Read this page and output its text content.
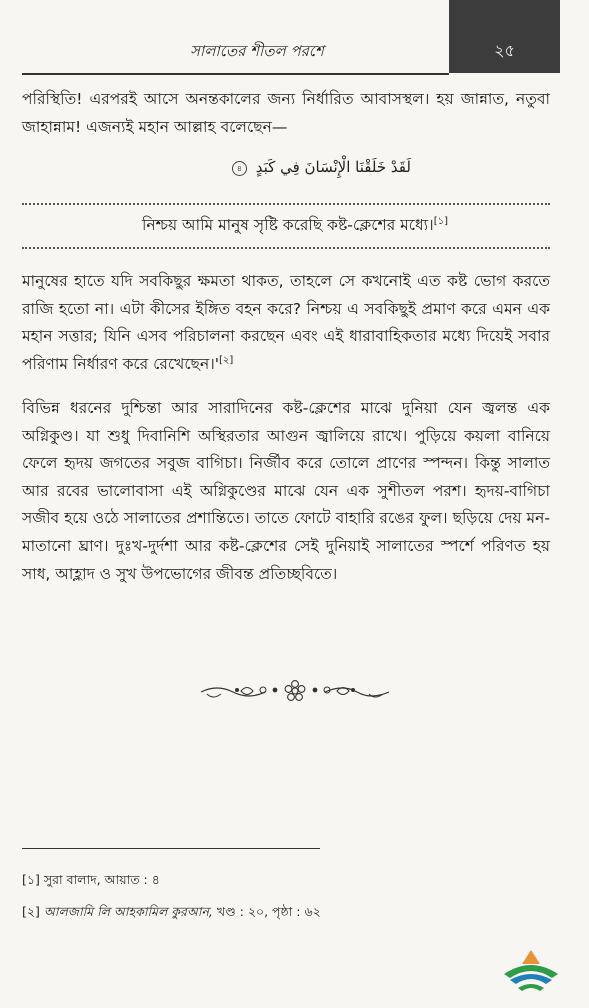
সালাতের শীতল পরশে	২৫

পরিস্থিতি! এরপরই আসে অনন্তকালের জন্য নির্ধারিত আবাসস্থল। হয় জান্নাত, নতুবা জাহান্নাম! এজন্যই মহান আল্লাহ বলেছেন—

لَقَدْ خَلَقْنَا الْإِنْسَانَ فِي كَبَدٍ ৪
নিশ্চয় আমি মানুষ সৃষ্টি করেছি কষ্ট-ক্লেশের মধ্যে।[১]

মানুষের হাতে যদি সবকিছুর ক্ষমতা থাকত, তাহলে সে কখনোই এত কষ্ট ভোগ করতে রাজি হতো না। এটা কীসের ইঙ্গিত বহন করে? নিশ্চয় এ সবকিছুই প্রমাণ করে এমন এক মহান সত্তার; যিনি এসব পরিচালনা করছেন এবং এই ধারাবাহিকতার মধ্যে দিয়েই সবার পরিণাম নির্ধারণ করে রেখেছেন।'[২]

বিভিন্ন ধরনের দুশ্চিন্তা আর সারাদিনের কষ্ট-ক্লেশের মাঝে দুনিয়া যেন জ্বলন্ত এক অগ্নিকুণ্ড। যা শুধু দিবানিশি অস্থিরতার আগুন জ্বালিয়ে রাখে। পুড়িয়ে কয়লা বানিয়ে ফেলে হৃদয় জগতের সবুজ বাগিচা। নির্জীব করে তোলে প্রাণের স্পন্দন। কিন্তু সালাত আর রবের ভালোবাসা এই অগ্নিকুণ্ডের মাঝে যেন এক সুশীতল পরশ। হৃদয়-বাগিচা সজীব হয়ে ওঠে সালাতের প্রশান্তিতে। তাতে ফোটে বাহারি রঙের ফুল। ছড়িয়ে দেয় মন-মাতানো ঘ্রাণ। দুঃখ-দুর্দশা আর কষ্ট-ক্লেশের সেই দুনিয়াই সালাতের স্পর্শে পরিণত হয় সাধ, আহ্লাদ ও সুখ উপভোগের জীবন্ত প্রতিচ্ছবিতে।

[১] সুরা বালাদ, আয়াত : ৪

[২] আলজামি লি আহকামিল কুরআন, খণ্ড : ২০, পৃষ্ঠা : ৬২
